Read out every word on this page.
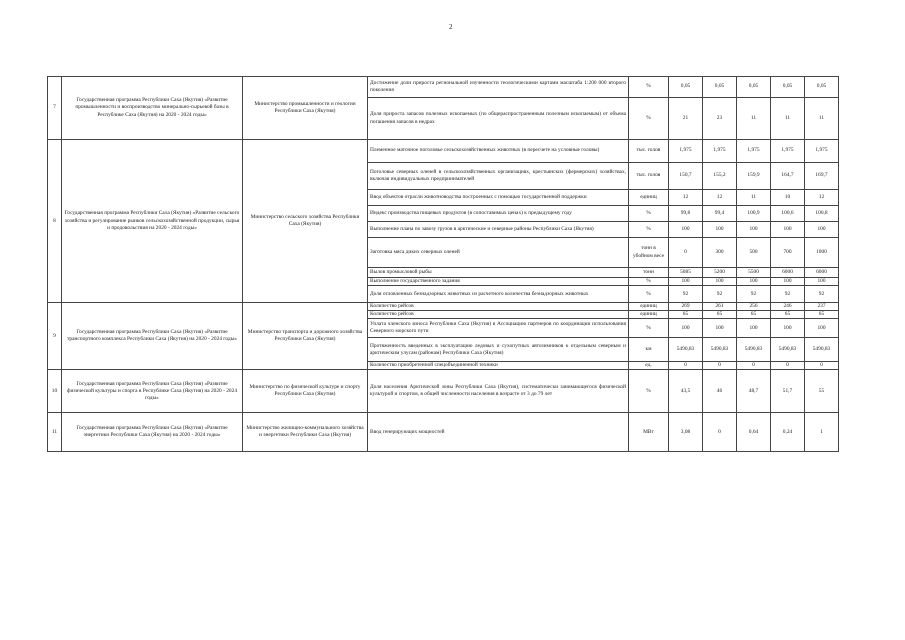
2
7	Государственная программа Республики Саха (Якутия) «Развитие промышленности и воспроизводство минерально-сырьевой базы в Республике Саха (Якутия) на 2020 - 2024 годы»	Министерство промышленности и геологии Республики Саха (Якутия)	Достижение доли прироста региональной изученности геологическими картами масштаба 1:200 000 второго поколения	%	0,05	0,05	0,05	0,05	0,05
			Доля прироста запасов полезных ископаемых (по общераспространенным полезным ископаемым) от объема погашения запасов в недрах	%	21	23	11	11	11
8	Государственная программа Республики Саха (Якутия) «Развитие сельского хозяйства и регулирование рынков сельскохозяйственной продукции, сырья и продовольствия на 2020 - 2024 годы»	Министерство сельского хозяйства Республики Саха (Якутия)	Племенное маточное поголовье сельскохозяйственных животных (в пересчете на условные головы)	тыс. голов	1,975	1,975	1,975	1,975	1,975
			Поголовье северных оленей в сельскохозяйственных организациях, крестьянских (фермерских) хозяйствах, включая индивидуальных предпринимателей	тыс. голов	150,7	155,2	159,9	164,7	169,7
			Ввод объектов отрасли животноводства построенных с помощью государственной поддержки	единиц	12	12	11	10	12
			Индекс производства пищевых продуктов (в сопоставимых ценах) к предыдущему году	%	99,8	99,4	100,9	100,6	100,8
			Выполнение плана по завозу грузов в арктические и северные районы Республики Саха (Якутия)	%	100	100	100	100	100
			Заготовка мяса диких северных оленей	тонн в убойном весе	0	300	500	700	1000
			Вылов промысловой рыбы	тонн	5085	5200	5500	6000	6000
			Выполнение государственного задания	%	100	100	100	100	100
			Доля отловленных безнадзорных животных из расчетного количества безнадзорных животных	%	92	92	92	92	92
9	Государственная программа Республики Саха (Якутия) «Развитие транспортного комплекса Республики Саха (Якутия) на 2020 - 2024 годы»	Министерство транспорта и дорожного хозяйства Республики Саха (Якутия)	Количество рейсов	единиц	269	261	256	246	237
			Количество рейсов	единиц	65	65	65	65	65
			Уплата членского взноса Республики Саха (Якутия) в Ассоциацию партнеров по координации использования Северного морского пути	%	100	100	100	100	100
			Протяженность введенных в эксплуатацию ледовых и сухопутных автозимников к отдельным северным и арктическим улусам (районам) Республики Саха (Якутия)	км	5490,83	5490,83	5490,83	5490,83	5490,83
			Количество приобретенной спецобъединенной техники	ед.	0	0	0	0	0
10	Государственная программа Республики Саха (Якутия) «Развитие физической культуры и спорта в Республике Саха (Якутия) на 2020 - 2024 годы»	Министерство по физической культуре и спорту Республики Саха (Якутия)	Доля населения Арктической зоны Республики Саха (Якутия), систематически занимающегося физической культурой и спортом, в общей численности населения в возрасте от 3 до 79 лет	%	43,5	46	48,7	51,7	55
11	Государственная программа Республики Саха (Якутия) «Развитие энергетики Республики Саха (Якутия) на 2020 - 2024 годы»	Министерство жилищно-коммунального хозяйства и энергетики Республики Саха (Якутия)	Ввод генерирующих мощностей	МВт	3,08	0	0,64	0,24	1
